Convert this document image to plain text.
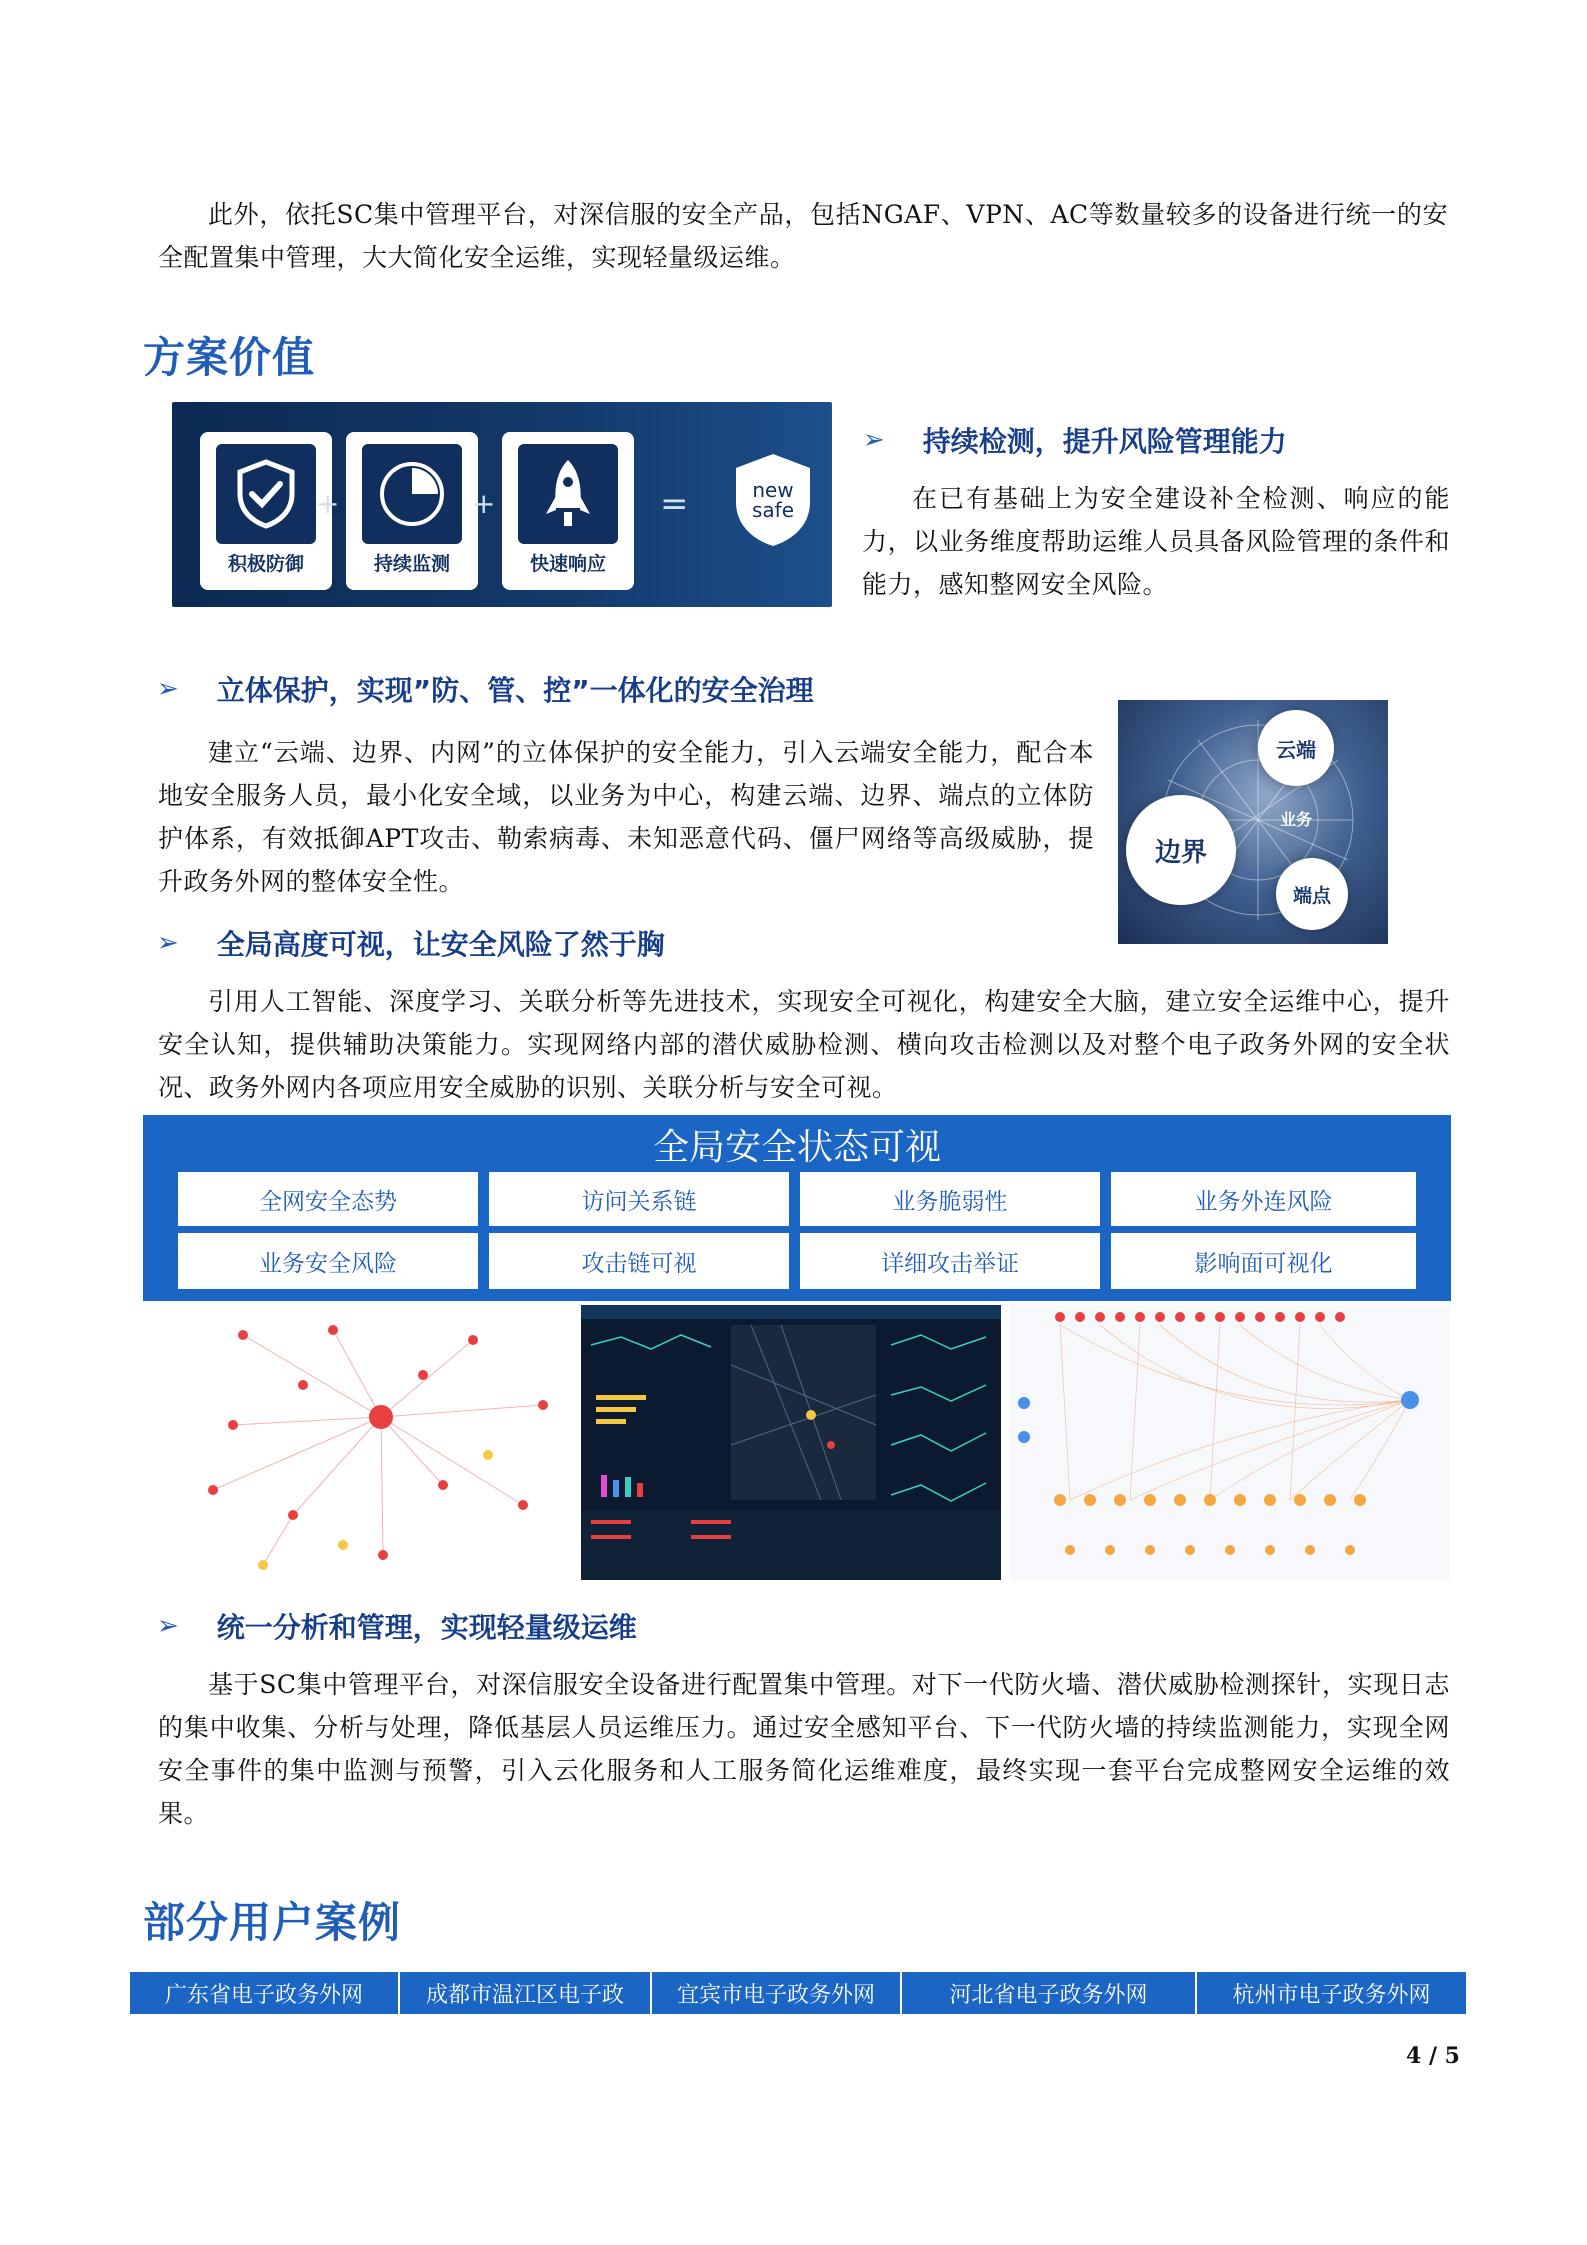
此外，依托SC集中管理平台，对深信服的安全产品，包括NGAF、VPN、AC等数量较多的设备进行统一的安全配置集中管理，大大简化安全运维，实现轻量级运维。

方案价值
积极防御
+
持续监测
+
快速响应
=	new
safe
➢ 持续检测，提升风险管理能力

在已有基础上为安全建设补全检测、响应的能力，以业务维度帮助运维人员具备风险管理的条件和能力，感知整网安全风险。

➢ 立体保护，实现”防、管、控”一体化的安全治理

建立“云端、边界、内网”的立体保护的安全能力，引入云端安全能力，配合本地安全服务人员，最小化安全域，以业务为中心，构建云端、边界、端点的立体防护体系，有效抵御APT攻击、勒索病毒、未知恶意代码、僵尸网络等高级威胁，提升政务外网的整体安全性。

云端
边界
业务
端点
➢ 全局高度可视，让安全风险了然于胸

引用人工智能、深度学习、关联分析等先进技术，实现安全可视化，构建安全大脑，建立安全运维中心，提升安全认知，提供辅助决策能力。实现网络内部的潜伏威胁检测、横向攻击检测以及对整个电子政务外网的安全状况、政务外网内各项应用安全威胁的识别、关联分析与安全可视。

全局安全状态可视
全网安全态势	访问关系链	业务脆弱性	业务外连风险
业务安全风险	攻击链可视	详细攻击举证	影响面可视化
➢ 统一分析和管理，实现轻量级运维

基于SC集中管理平台，对深信服安全设备进行配置集中管理。对下一代防火墙、潜伏威胁检测探针，实现日志的集中收集、分析与处理，降低基层人员运维压力。通过安全感知平台、下一代防火墙的持续监测能力，实现全网安全事件的集中监测与预警，引入云化服务和人工服务简化运维难度，最终实现一套平台完成整网安全运维的效果。

部分用户案例
广东省电子政务外网	成都市温江区电子政	宜宾市电子政务外网	河北省电子政务外网	杭州市电子政务外网
4 / 5
